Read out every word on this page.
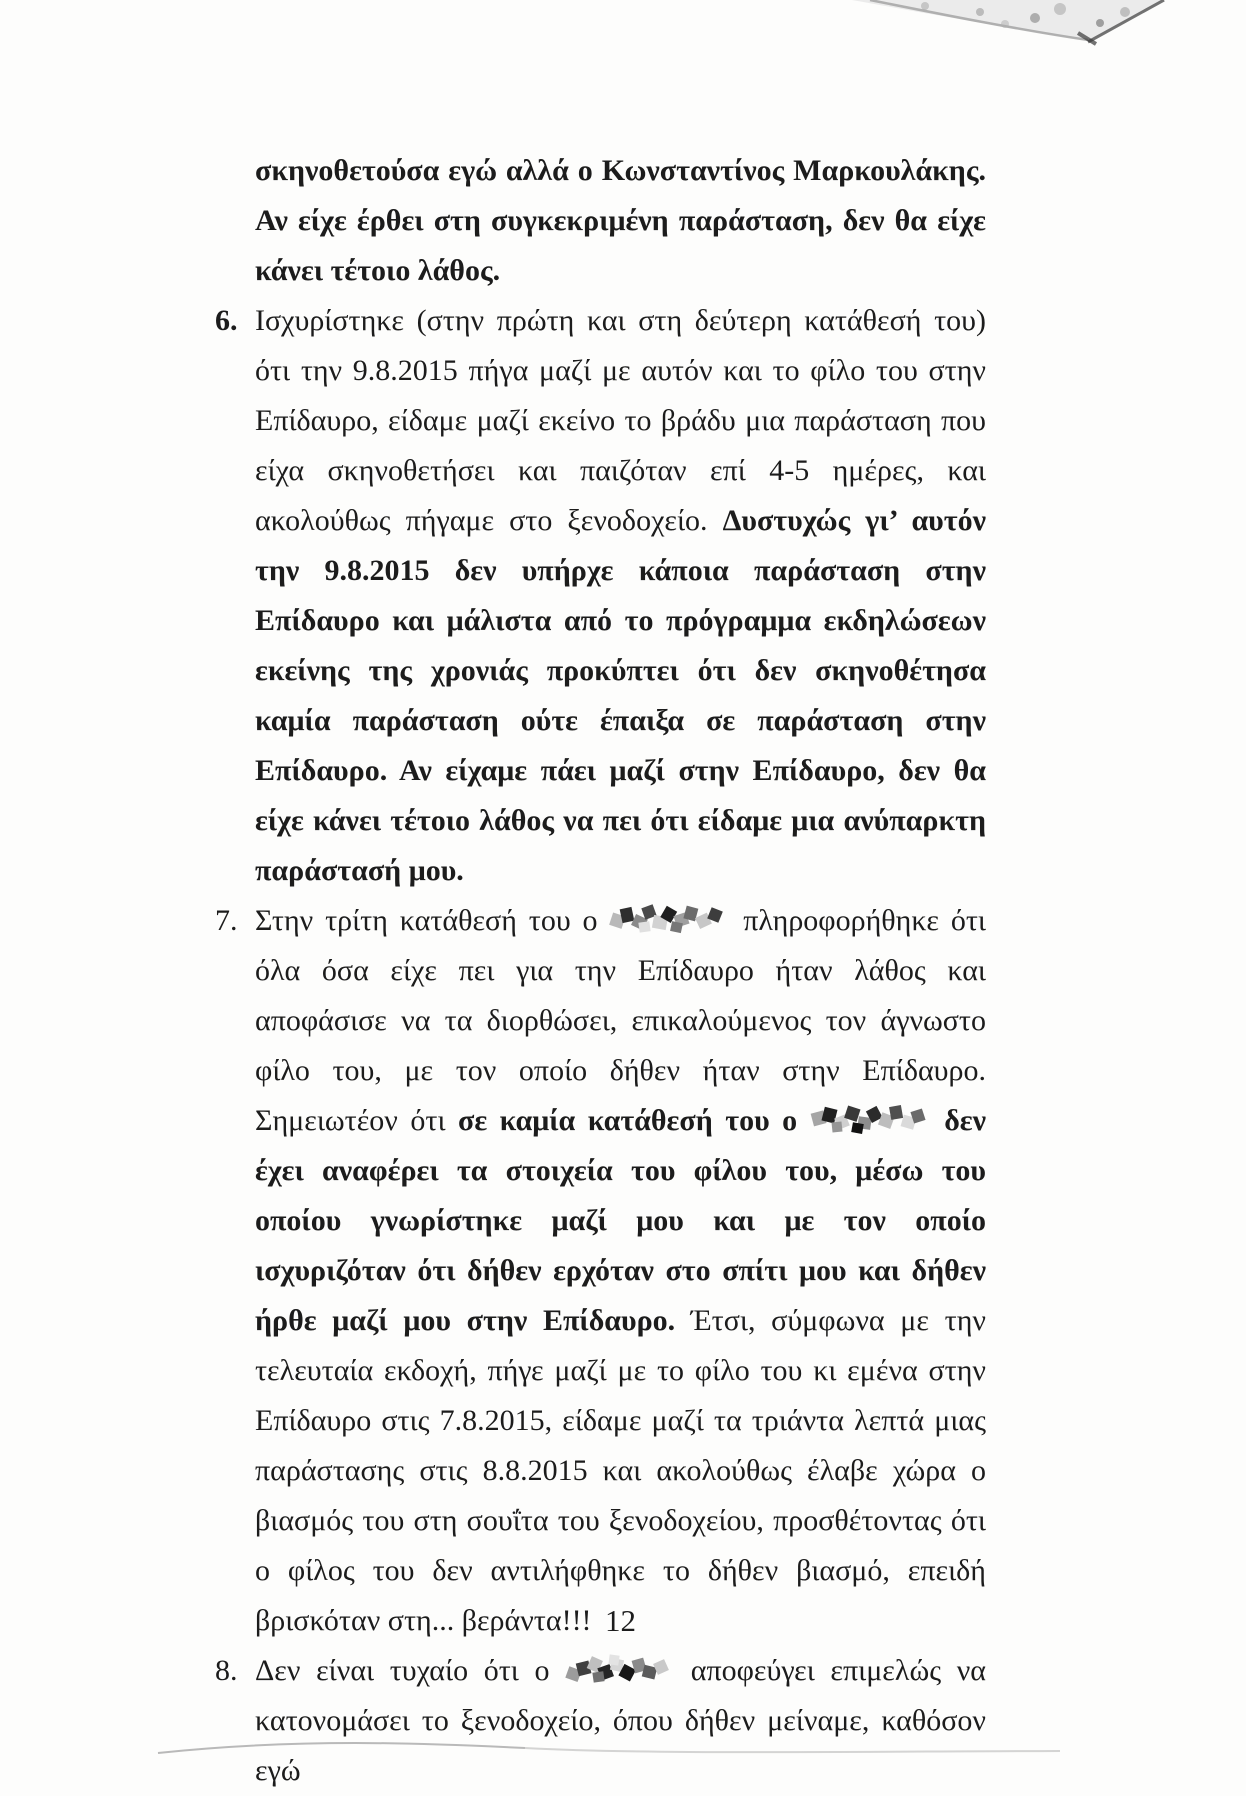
σκηνοθετούσα εγώ αλλά ο Κωνσταντίνος Μαρκουλάκης. Αν είχε έρθει στη συγκεκριμένη παράσταση, δεν θα είχε κάνει τέτοιο λάθος.

6. Ισχυρίστηκε (στην πρώτη και στη δεύτερη κατάθεσή του) ότι την 9.8.2015 πήγα μαζί με αυτόν και το φίλο του στην Επίδαυρο, είδαμε μαζί εκείνο το βράδυ μια παράσταση που είχα σκηνοθετήσει και παιζόταν επί 4-5 ημέρες, και ακολούθως πήγαμε στο ξενοδοχείο. Δυστυχώς γι’ αυτόν την 9.8.2015 δεν υπήρχε κάποια παράσταση στην Επίδαυρο και μάλιστα από το πρόγραμμα εκδηλώσεων εκείνης της χρονιάς προκύπτει ότι δεν σκηνοθέτησα καμία παράσταση ούτε έπαιξα σε παράσταση στην Επίδαυρο. Αν είχαμε πάει μαζί στην Επίδαυρο, δεν θα είχε κάνει τέτοιο λάθος να πει ότι είδαμε μια ανύπαρκτη παράστασή μου.

7. Στην τρίτη κατάθεσή του ο	πληροφορήθηκε ότι όλα όσα είχε πει για την Επίδαυρο ήταν λάθος και αποφάσισε να τα διορθώσει, επικαλούμενος τον άγνωστο φίλο του, με τον οποίο δήθεν ήταν στην Επίδαυρο. Σημειωτέον ότι σε καμία κατάθεσή του ο	δεν έχει αναφέρει τα στοιχεία του φίλου του, μέσω του οποίου γνωρίστηκε μαζί μου και με τον οποίο ισχυριζόταν ότι δήθεν ερχόταν στο σπίτι μου και δήθεν ήρθε μαζί μου στην Επίδαυρο. Έτσι, σύμφωνα με την τελευταία εκδοχή, πήγε μαζί με το φίλο του κι εμένα στην Επίδαυρο στις 7.8.2015, είδαμε μαζί τα τριάντα λεπτά μιας παράστασης στις 8.8.2015 και ακολούθως έλαβε χώρα ο βιασμός του στη σουΐτα του ξενοδοχείου, προσθέτοντας ότι ο φίλος του δεν αντιλήφθηκε το δήθεν βιασμό, επειδή βρισκόταν στη... βεράντα!!!

8. Δεν είναι τυχαίο ότι ο	αποφεύγει επιμελώς να κατονομάσει το ξενοδοχείο, όπου δήθεν μείναμε, καθόσον εγώ

12
